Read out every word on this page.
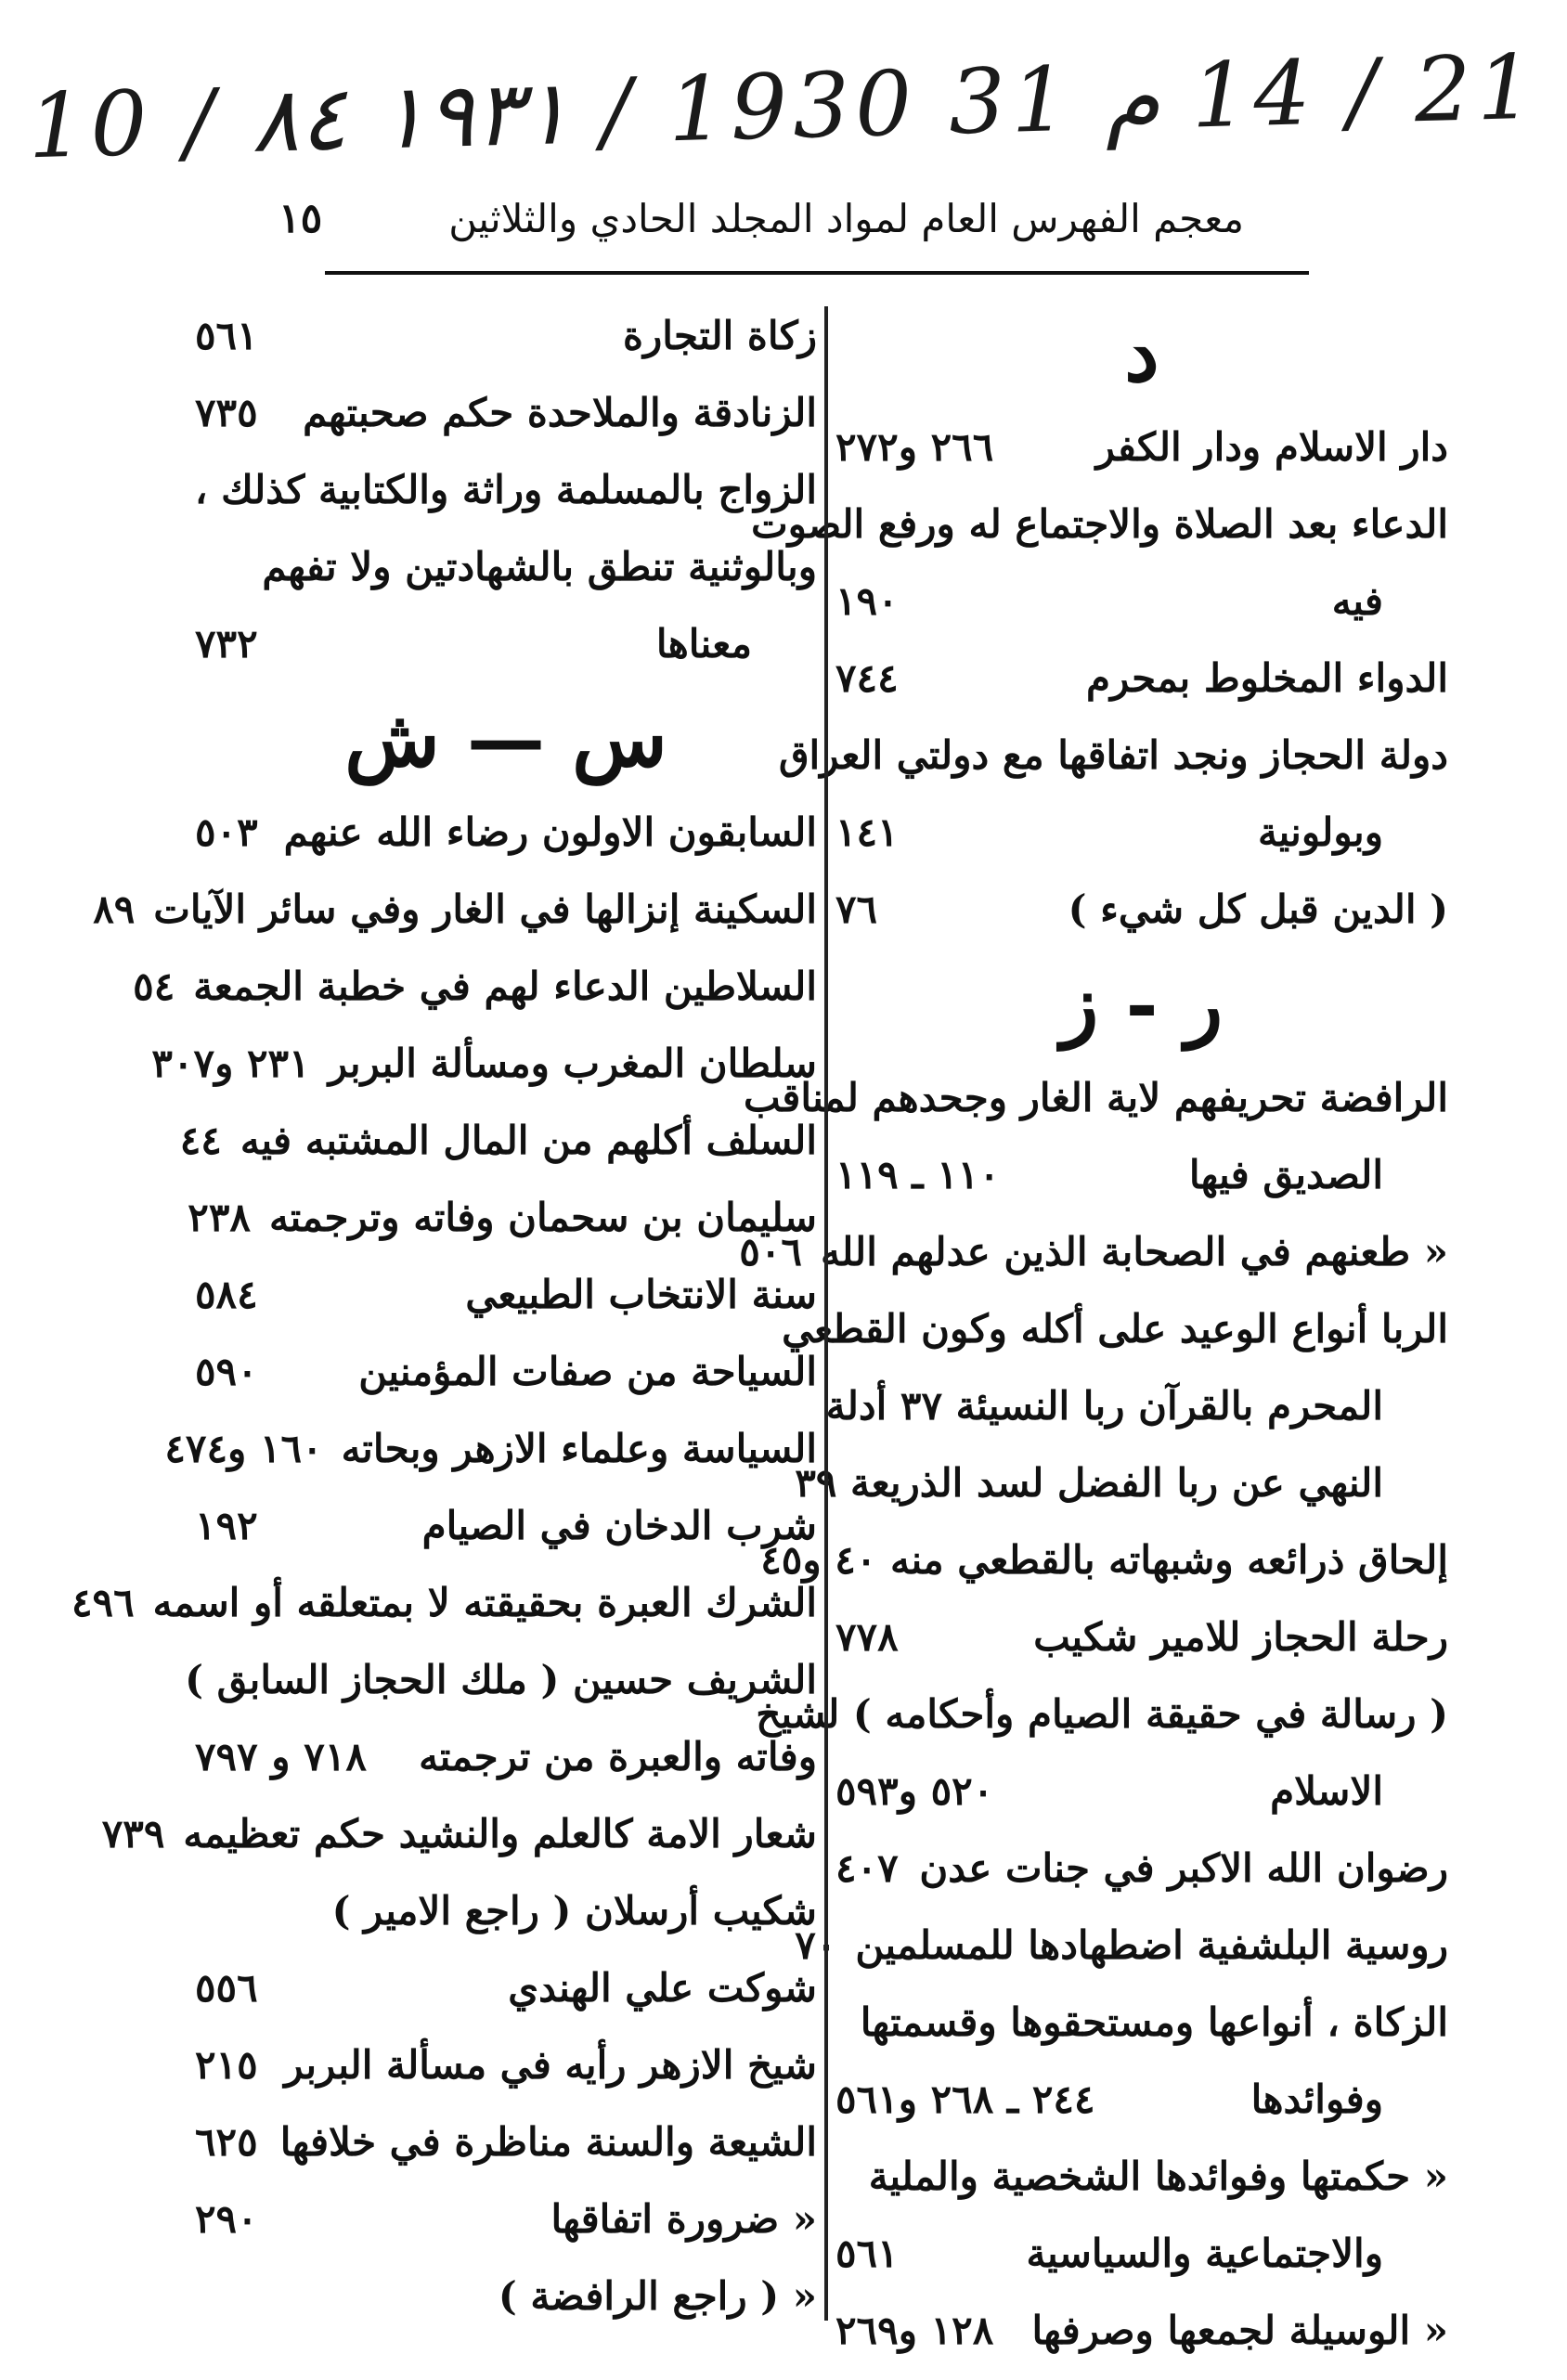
10 / ٨٤ ١٩٣١ / 1930 31 م 14 / 21
١٥	معجم الفهرس العام لمواد المجلد الحادي والثلاثين
د
دار الاسلام ودار الكفر
٢٦٦ و٢٧٢
الدعاء بعد الصلاة والاجتماع له ورفع الصوت
فيه
١٩٠
الدواء المخلوط بمحرم
٧٤٤
دولة الحجاز ونجد اتفاقها مع دولتي العراق
وبولونية
١٤١
( الدين قبل كل شيء )
٧٦
ر - ز
الرافضة تحريفهم لاية الغار وجحدهم لمناقب
الصديق فيها
١١٠ ـ ١١٩
« طعنهم في الصحابة الذين عدلهم الله
٥٠٦
الربا أنواع الوعيد على أكله وكون القطعي
المحرم بالقرآن ربا النسيئة ٣٧ أدلة
النهي عن ربا الفضل لسد الذريعة ٣٩
إلحاق ذرائعه وشبهاته بالقطعي منه ٤٠ و٤٥
رحلة الحجاز للامير شكيب
٧٧٨
( رسالة في حقيقة الصيام وأحكامه ) لشيخ
الاسلام
٥٢٠ و٥٩٣
رضوان الله الاكبر في جنات عدن
٤٠٧
روسية البلشفية اضطهادها للمسلمين
٧٠
الزكاة ، أنواعها ومستحقوها وقسمتها
وفوائدها
٢٤٤ ـ ٢٦٨ و٥٦١
« حكمتها وفوائدها الشخصية والملية
والاجتماعية والسياسية
٥٦١
« الوسيلة لجمعها وصرفها
١٢٨ و٢٦٩
زكاة التجارة
٥٦١
الزنادقة والملاحدة حكم صحبتهم
٧٣٥
الزواج بالمسلمة وراثة والكتابية كذلك ،
وبالوثنية تنطق بالشهادتين ولا تفهم
معناها
٧٣٢
س — ش
السابقون الاولون رضاء الله عنهم
٥٠٣
السكينة إنزالها في الغار وفي سائر الآيات
٨٩
السلاطين الدعاء لهم في خطبة الجمعة
٥٤
سلطان المغرب ومسألة البربر
٢٣١ و٣٠٧
السلف أكلهم من المال المشتبه فيه
٤٤
سليمان بن سحمان وفاته وترجمته
٢٣٨
سنة الانتخاب الطبيعي
٥٨٤
السياحة من صفات المؤمنين
٥٩٠
السياسة وعلماء الازهر وبحاته
١٦٠ و٤٧٤
شرب الدخان في الصيام
١٩٢
الشرك العبرة بحقيقته لا بمتعلقه أو اسمه
٤٩٦
الشريف حسين ( ملك الحجاز السابق )
وفاته والعبرة من ترجمته
٧١٨ و ٧٩٧
شعار الامة كالعلم والنشيد حكم تعظيمه
٧٣٩
شكيب أرسلان ( راجع الامير )
شوكت علي الهندي
٥٥٦
شيخ الازهر رأيه في مسألة البربر
٢١٥
الشيعة والسنة مناظرة في خلافها
٦٢٥
« ضرورة اتفاقها
٢٩٠
« ( راجع الرافضة )
